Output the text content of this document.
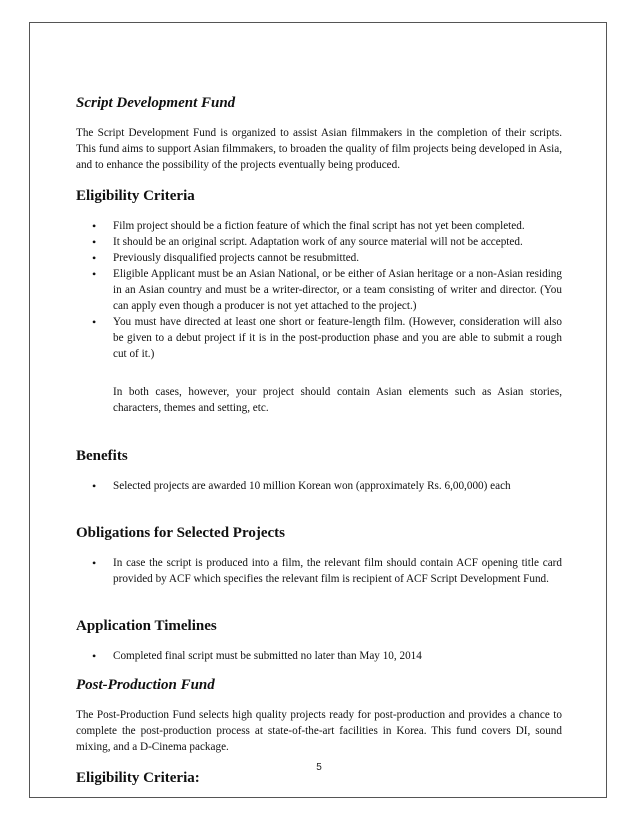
Script Development Fund

The Script Development Fund is organized to assist Asian filmmakers in the completion of their scripts. This fund aims to support Asian filmmakers, to broaden the quality of film projects being developed in Asia, and to enhance the possibility of the projects eventually being produced.

Eligibility Criteria
• Film project should be a fiction feature of which the final script has not yet been completed.
• It should be an original script. Adaptation work of any source material will not be accepted.
• Previously disqualified projects cannot be resubmitted.
• Eligible Applicant must be an Asian National, or be either of Asian heritage or a non-Asian residing in an Asian country and must be a writer-director, or a team consisting of writer and director. (You can apply even though a producer is not yet attached to the project.)
• You must have directed at least one short or feature-length film. (However, consideration will also be given to a debut project if it is in the post-production phase and you are able to submit a rough cut of it.)

In both cases, however, your project should contain Asian elements such as Asian stories, characters, themes and setting, etc.

Benefits
• Selected projects are awarded 10 million Korean won (approximately Rs. 6,00,000) each
Obligations for Selected Projects
• In case the script is produced into a film, the relevant film should contain ACF opening title card provided by ACF which specifies the relevant film is recipient of ACF Script Development Fund.
Application Timelines
• Completed final script must be submitted no later than May 10, 2014
Post-Production Fund

The Post-Production Fund selects high quality projects ready for post-production and provides a chance to complete the post-production process at state-of-the-art facilities in Korea. This fund covers DI, sound mixing, and a D-Cinema package.

Eligibility Criteria:
5
